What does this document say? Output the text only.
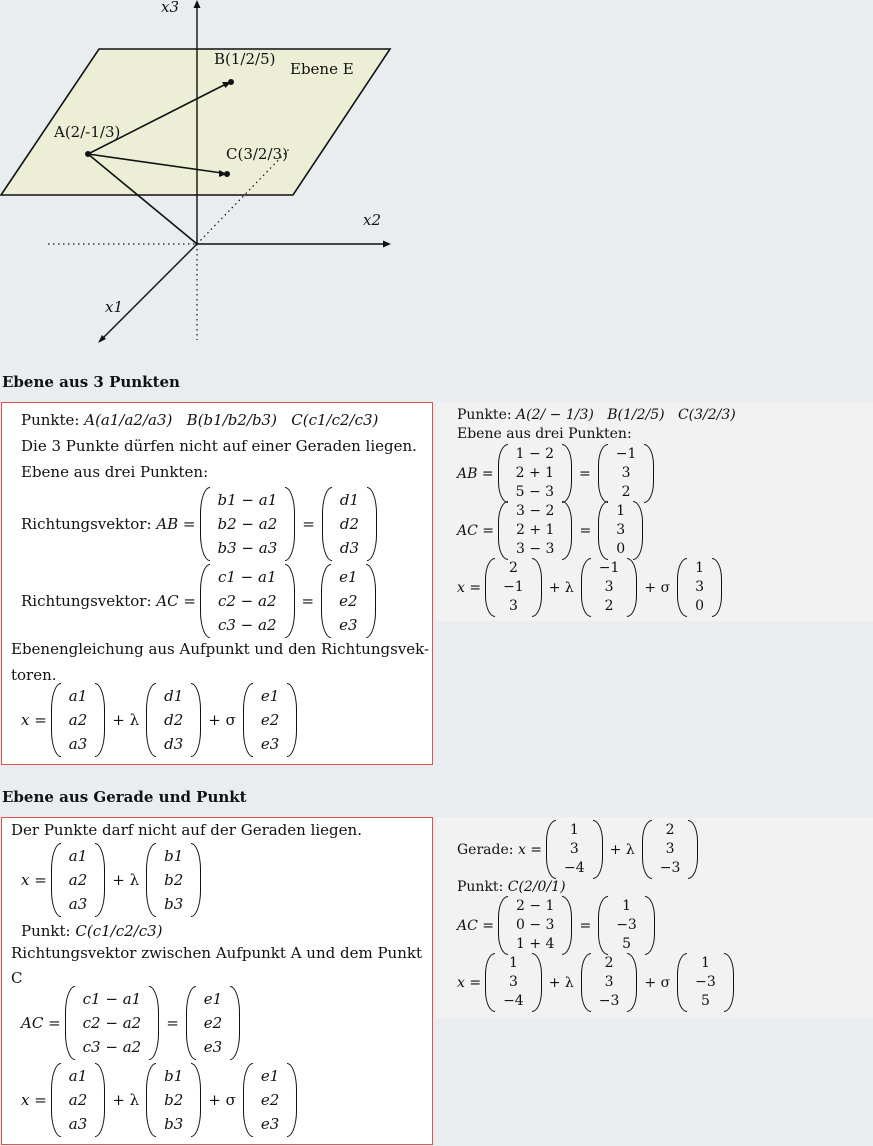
x3
x2
x1
Ebene E
A(2/-1/3)
B(1/2/5)
C(3/2/3)
Ebene aus 3 Punkten
Punkte: A(a1/a2/a3) B(b1/b2/b3) C(c1/c2/c3)
Die 3 Punkte dürfen nicht auf einer Geraden liegen.
Ebene aus drei Punkten:
Richtungsvektor:
AB =
b1 − a1
b2 − a2
b3 − a3
=
d1
d2
d3
Richtungsvektor:
AC =
c1 − a1
c2 − a2
c3 − a2
=
e1
e2
e3
Ebenengleichung aus Aufpunkt und den Richtungsvek-
toren.
x =
a1
a2
a3
+ λ
d1
d2
d3
+ σ
e1
e2
e3
Punkte: A(2/ − 1/3) B(1/2/5) C(3/2/3)
Ebene aus drei Punkten:
AB =
1 − 2
2 + 1
5 − 3
=
−1
3
2
AC =
3 − 2
2 + 1
3 − 3
=
1
3
0
x =
2
−1
3
+ λ
−1
3
2
+ σ
1
3
0
Ebene aus Gerade und Punkt
Der Punkte darf nicht auf der Geraden liegen.
x =
a1
a2
a3
+ λ
b1
b2
b3
Punkt: C(c1/c2/c3)
Richtungsvektor zwischen Aufpunkt A und dem Punkt
C
AC =
c1 − a1
c2 − a2
c3 − a2
=
e1
e2
e3
x =
a1
a2
a3
+ λ
b1
b2
b3
+ σ
e1
e2
e3
Gerade:
x =
1
3
−4
+ λ
2
3
−3
Punkt: C(2/0/1)
AC =
2 − 1
0 − 3
1 + 4
=
1
−3
5
x =
1
3
−4
+ λ
2
3
−3
+ σ
1
−3
5
